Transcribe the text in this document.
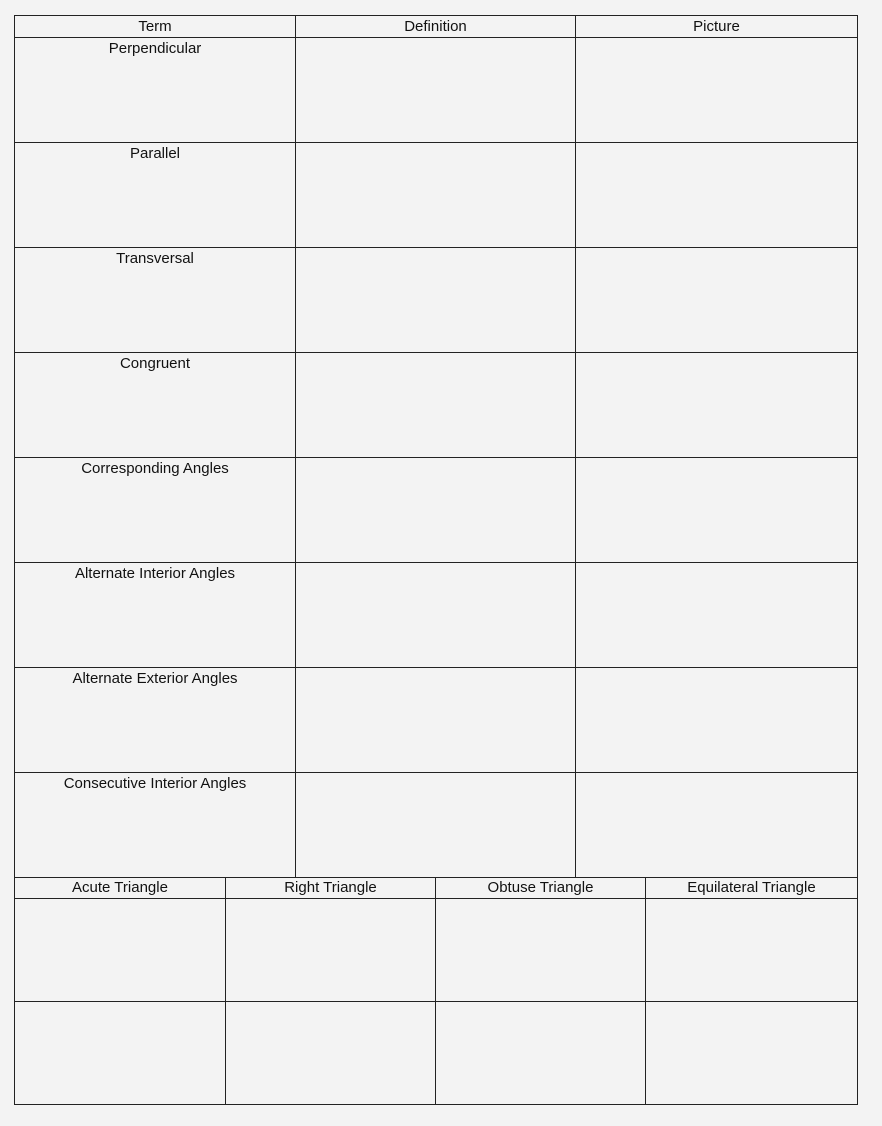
Term	Definition	Picture
Perpendicular		
Parallel		
Transversal		
Congruent		
Corresponding Angles		
Alternate Interior Angles		
Alternate Exterior Angles		
Consecutive Interior Angles		
Acute Triangle	Right Triangle	Obtuse Triangle	Equilateral Triangle
